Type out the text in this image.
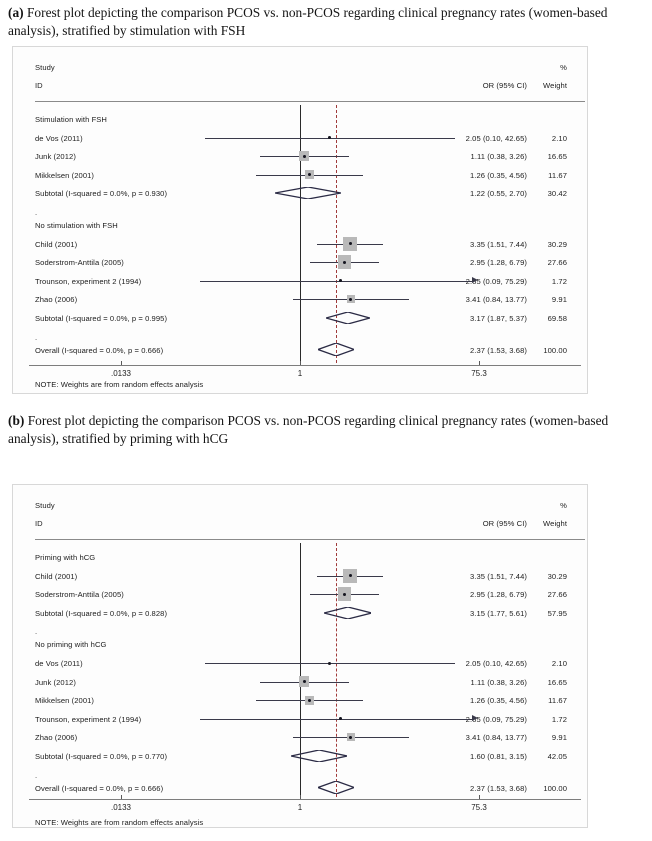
(a) Forest plot depicting the comparison PCOS vs. non-PCOS regarding clinical pregnancy rates (women-based analysis), stratified by stimulation with FSH
Study
ID
%
OR (95% CI) Weight
Stimulation with FSH
de Vos (2011)	2.05 (0.10, 42.65)	2.10
Junk (2012)	1.11 (0.38, 3.26)	16.65
Mikkelsen (2001)	1.26 (0.35, 4.56)	11.67
Subtotal (I-squared = 0.0%, p = 0.930)	1.22 (0.55, 2.70)	30.42
.
No stimulation with FSH
Child (2001)	3.35 (1.51, 7.44)	30.29
Soderstrom-Anttila (2005)	2.95 (1.28, 6.79)	27.66
Trounson, experiment 2 (1994)	2.65 (0.09, 75.29)	1.72
Zhao (2006)	3.41 (0.84, 13.77)	9.91
Subtotal (I-squared = 0.0%, p = 0.995)	3.17 (1.87, 5.37)	69.58
.
Overall (I-squared = 0.0%, p = 0.666)	2.37 (1.53, 3.68) 100.00
NOTE: Weights are from random effects analysis
.0133	1	75.3
(b) Forest plot depicting the comparison PCOS vs. non-PCOS regarding clinical pregnancy rates (women-based analysis), stratified by priming with hCG
Study
ID
%
OR (95% CI) Weight
Priming with hCG
Child (2001)	3.35 (1.51, 7.44)	30.29
Soderstrom-Anttila (2005)	2.95 (1.28, 6.79)	27.66
Subtotal (I-squared = 0.0%, p = 0.828)	3.15 (1.77, 5.61)	57.95
.
No priming with hCG
de Vos (2011)	2.05 (0.10, 42.65)	2.10
Junk (2012)	1.11 (0.38, 3.26)	16.65
Mikkelsen (2001)	1.26 (0.35, 4.56)	11.67
Trounson, experiment 2 (1994)	2.65 (0.09, 75.29)	1.72
Zhao (2006)	3.41 (0.84, 13.77)	9.91
Subtotal (I-squared = 0.0%, p = 0.770)	1.60 (0.81, 3.15)	42.05
.
Overall (I-squared = 0.0%, p = 0.666)	2.37 (1.53, 3.68) 100.00
NOTE: Weights are from random effects analysis
.0133	1	75.3
